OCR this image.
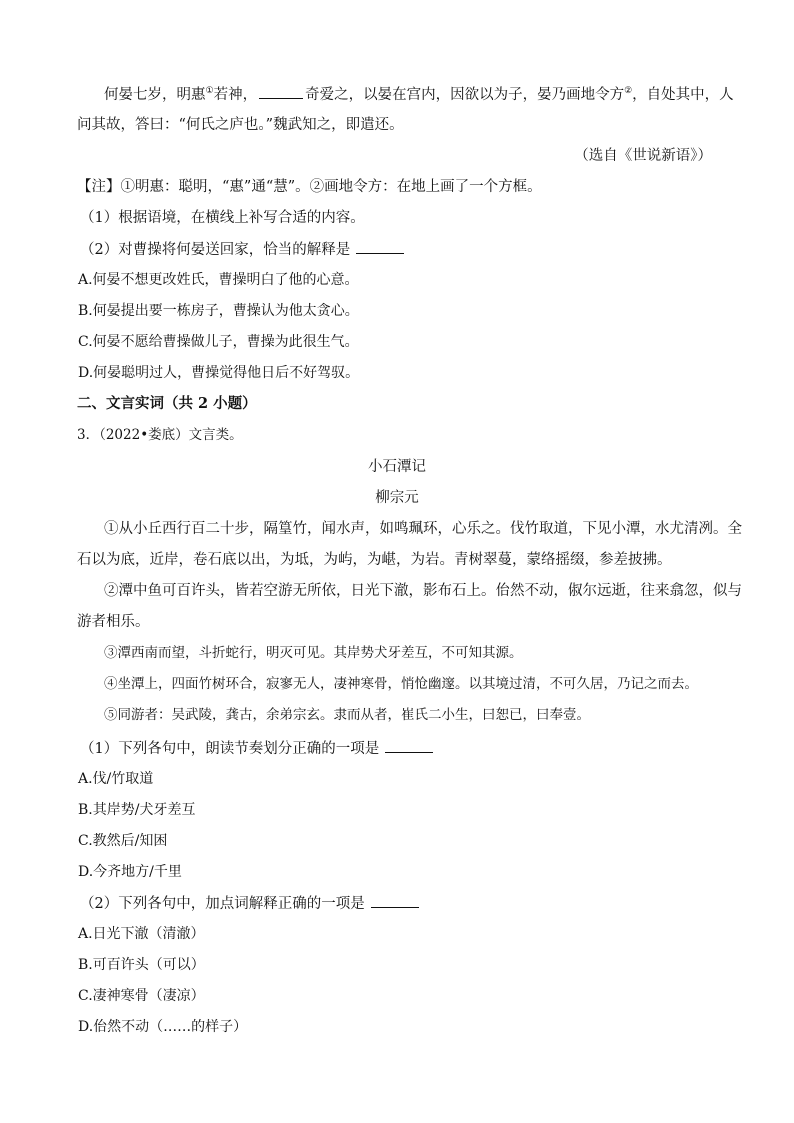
何晏七岁，明惠①若神，	奇爱之，以晏在宫内，因欲以为子，晏乃画地令方②，自处其中，人
问其故，答曰：“何氏之庐也。”魏武知之，即遣还。
（选自《世说新语》）
【注】①明惠：聪明，“惠”通“慧”。②画地令方：在地上画了一个方框。
（1）根据语境，在横线上补写合适的内容。
（2）对曹操将何晏送回家，恰当的解释是
A.何晏不想更改姓氏，曹操明白了他的心意。
B.何晏提出要一栋房子，曹操认为他太贪心。
C.何晏不愿给曹操做儿子，曹操为此很生气。
D.何晏聪明过人，曹操觉得他日后不好驾驭。
二、文言实词（共 2 小题）
3．（2022•娄底）文言类。
小石潭记
柳宗元
①从小丘西行百二十步，隔篁竹，闻水声，如鸣珮环，心乐之。伐竹取道，下见小潭，水尤清冽。全
石以为底，近岸，卷石底以出，为坻，为屿，为嵁，为岩。青树翠蔓，蒙络摇缀，参差披拂。
②潭中鱼可百许头，皆若空游无所依，日光下澈，影布石上。佁然不动，俶尔远逝，往来翕忽，似与
游者相乐。
③潭西南而望，斗折蛇行，明灭可见。其岸势犬牙差互，不可知其源。
④坐潭上，四面竹树环合，寂寥无人，凄神寒骨，悄怆幽邃。以其境过清，不可久居，乃记之而去。
⑤同游者：吴武陵，龚古，余弟宗玄。隶而从者，崔氏二小生，曰恕已，曰奉壹。
（1）下列各句中，朗读节奏划分正确的一项是
A.伐/竹取道
B.其岸势/犬牙差互
C.教然后/知困
D.今齐地方/千里
（2）下列各句中，加点词解释正确的一项是
A.日光下澈（清澈）
B.可百许头（可以）
C.凄神寒骨（凄凉）
D.佁然不动（……的样子）
